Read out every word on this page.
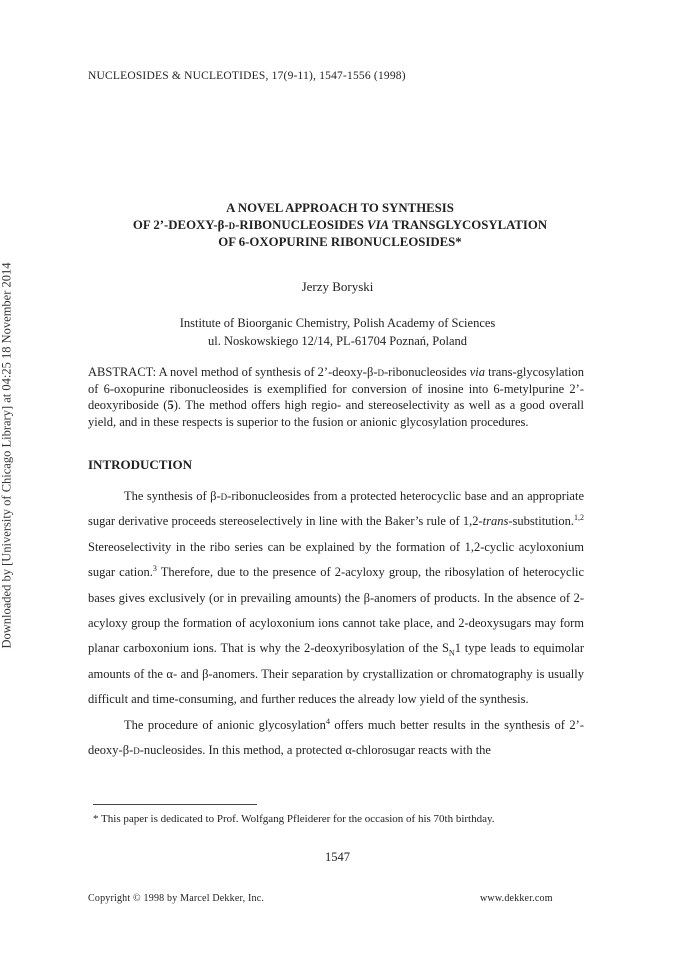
Downloaded by [University of Chicago Library] at 04:25 18 November 2014
NUCLEOSIDES & NUCLEOTIDES, 17(9-11), 1547-1556 (1998)
A NOVEL APPROACH TO SYNTHESIS
OF 2’-DEOXY-β-d-RIBONUCLEOSIDES VIA TRANSGLYCOSYLATION
OF 6-OXOPURINE RIBONUCLEOSIDES*
Jerzy Boryski
Institute of Bioorganic Chemistry, Polish Academy of Sciences
ul. Noskowskiego 12/14, PL-61704 Poznań, Poland
ABSTRACT: A novel method of synthesis of 2’-deoxy-β-d-ribonucleosides via trans-glycosylation of 6-oxopurine ribonucleosides is exemplified for conversion of inosine into 6-metylpurine 2’-deoxyriboside (5). The method offers high regio- and stereoselectivity as well as a good overall yield, and in these respects is superior to the fusion or anionic glycosylation procedures.
INTRODUCTION

The synthesis of β-d-ribonucleosides from a protected heterocyclic base and an appropriate sugar derivative proceeds stereoselectively in line with the Baker’s rule of 1,2-trans-substitution.$^{1,2}$ Stereoselectivity in the ribo series can be explained by the formation of 1,2-cyclic acyloxonium sugar cation.$^3$ Therefore, due to the presence of 2-acyloxy group, the ribosylation of heterocyclic bases gives exclusively (or in prevailing amounts) the β-anomers of products. In the absence of 2-acyloxy group the formation of acyloxonium ions cannot take place, and 2-deoxysugars may form planar carboxonium ions. That is why the 2-deoxyribosylation of the $S_N1$ type leads to equimolar amounts of the α- and β-anomers. Their separation by crystallization or chromatography is usually difficult and time-consuming, and further reduces the already low yield of the synthesis.

The procedure of anionic glycosylation$^4$ offers much better results in the synthesis of 2’-deoxy-β-d-nucleosides. In this method, a protected α-chlorosugar reacts with the

* This paper is dedicated to Prof. Wolfgang Pfleiderer for the occasion of his 70th birthday.
1547
Copyright © 1998 by Marcel Dekker, Inc.	www.dekker.com
